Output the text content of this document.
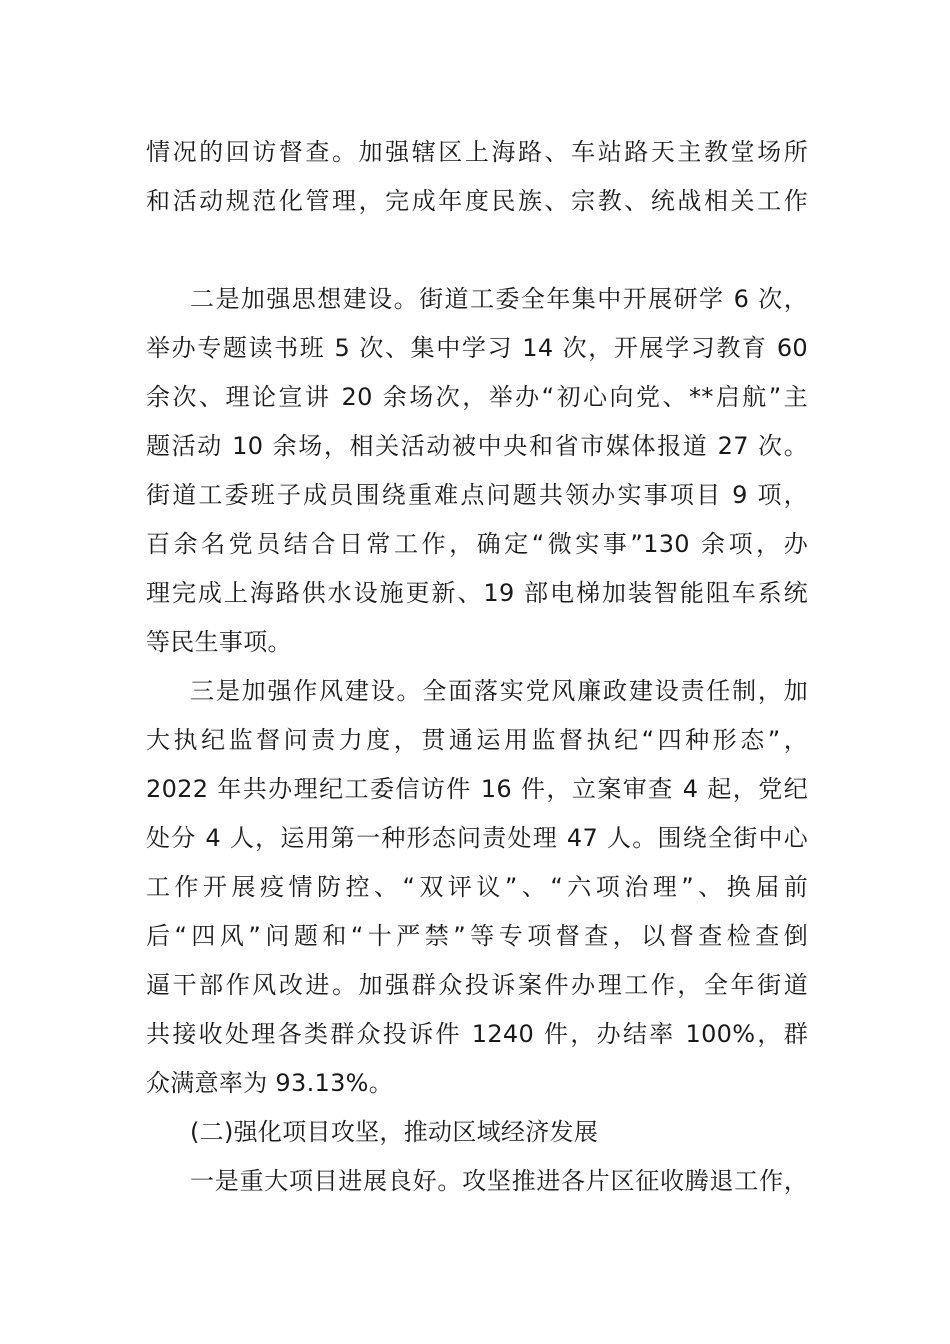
情况的回访督查。加强辖区上海路、车站路天主教堂场所
和活动规范化管理，完成年度民族、宗教、统战相关工作
二是加强思想建设。街道工委全年集中开展研学 6 次，
举办专题读书班 5 次、集中学习 14 次，开展学习教育 60
余次、理论宣讲 20 余场次，举办“初心向党、**启航”主
题活动 10 余场，相关活动被中央和省市媒体报道 27 次。
街道工委班子成员围绕重难点问题共领办实事项目 9 项，
百余名党员结合日常工作，确定“微实事”130 余项，办
理完成上海路供水设施更新、19 部电梯加装智能阻车系统
等民生事项。
三是加强作风建设。全面落实党风廉政建设责任制，加
大执纪监督问责力度，贯通运用监督执纪“四种形态”，
2022 年共办理纪工委信访件 16 件，立案审查 4 起，党纪
处分 4 人，运用第一种形态问责处理 47 人。围绕全街中心
工作开展疫情防控、“双评议”、“六项治理”、换届前
后“四风”问题和“十严禁”等专项督查，以督查检查倒
逼干部作风改进。加强群众投诉案件办理工作，全年街道
共接收处理各类群众投诉件 1240 件，办结率 100%，群
众满意率为 93.13%。
(二)强化项目攻坚，推动区域经济发展
一是重大项目进展良好。攻坚推进各片区征收腾退工作，
